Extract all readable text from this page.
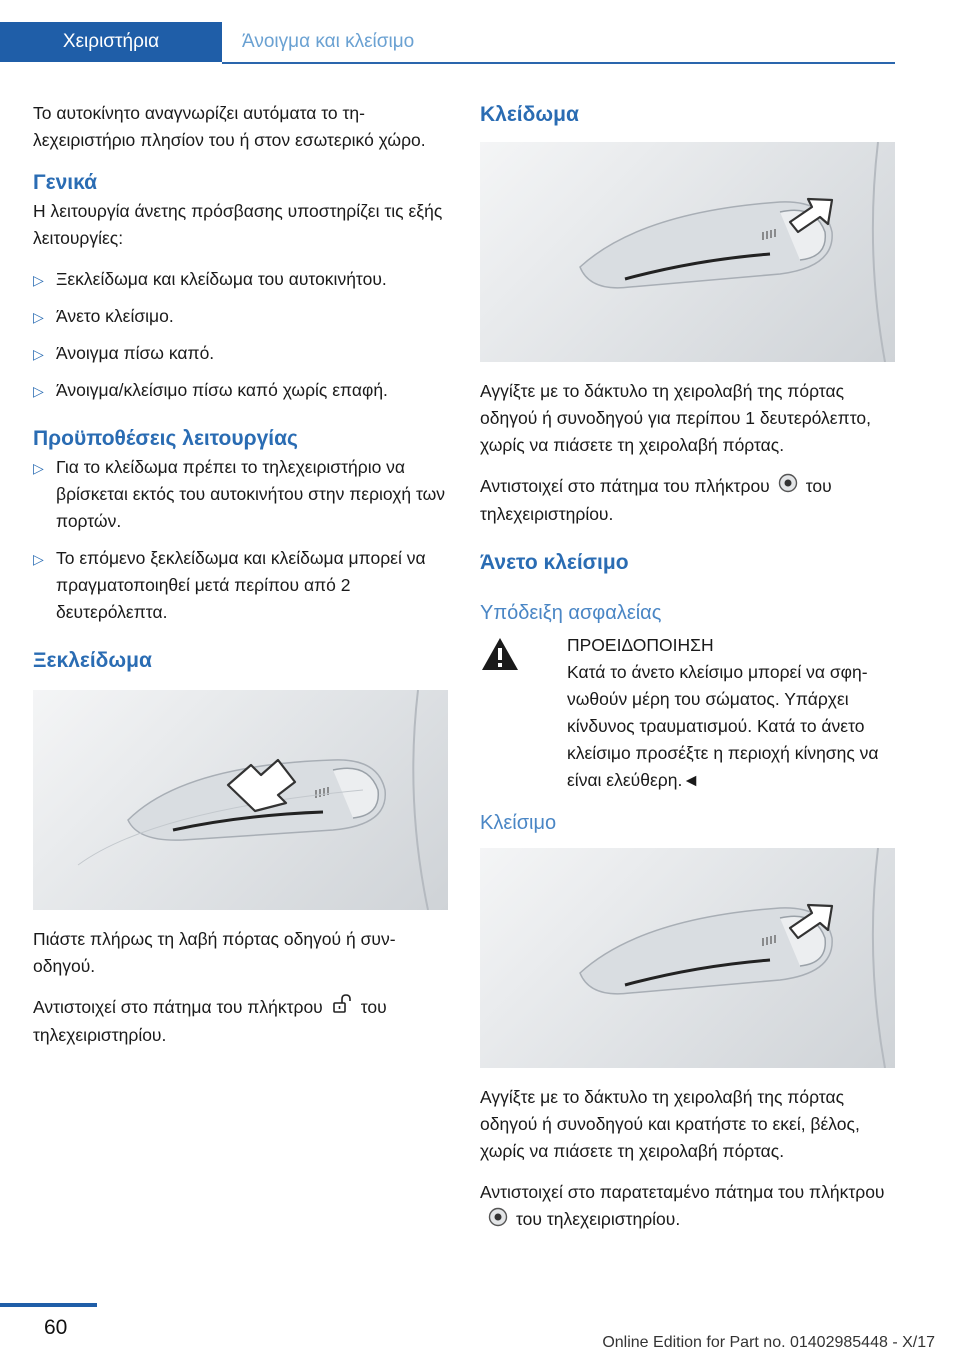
Χειριστήρια	Άνοιγμα και κλείσιμο

Το αυτοκίνητο αναγνωρίζει αυτόματα το τηλεχειριστήριο πλησίον του ή στον εσωτερικό χώρο.

Γενικά

Η λειτουργία άνετης πρόσβασης υποστηρίζει τις εξής λειτουργίες:

▷ Ξεκλείδωμα και κλείδωμα του αυτοκινήτου.
▷ Άνετο κλείσιμο.
▷ Άνοιγμα πίσω καπό.
▷ Άνοιγμα/κλείσιμο πίσω καπό χωρίς επαφή.
Προϋποθέσεις λειτουργίας
▷ Για το κλείδωμα πρέπει το τηλεχειριστήριο να βρίσκεται εκτός του αυτοκινήτου στην περιοχή των πορτών.
▷ Το επόμενο ξεκλείδωμα και κλείδωμα μπορεί να πραγματοποιηθεί μετά περίπου από 2 δευτερόλεπτα.
Ξεκλείδωμα

Πιάστε πλήρως τη λαβή πόρτας οδηγού ή συνοδηγού.

Αντιστοιχεί στο πάτημα του πλήκτρου του τηλεχειριστηρίου.

Κλείδωμα

Αγγίξτε με το δάκτυλο τη χειρολαβή της πόρτας οδηγού ή συνοδηγού για περίπου 1 δευτερόλεπτο, χωρίς να πιάσετε τη χειρολαβή πόρτας.

Αντιστοιχεί στο πάτημα του πλήκτρου του τηλεχειριστηρίου.

Άνετο κλείσιμο
Υπόδειξη ασφαλείας

ΠΡΟΕΙΔΟΠΟΙΗΣΗ

Κατά το άνετο κλείσιμο μπορεί να σφηνωθούν μέρη του σώματος. Υπάρχει κίνδυνος τραυματισμού. Κατά το άνετο κλείσιμο προσέξτε η περιοχή κίνησης να είναι ελεύθερη.◄

Κλείσιμο

Αγγίξτε με το δάκτυλο τη χειρολαβή της πόρτας οδηγού ή συνοδηγού και κρατήστε το εκεί, βέλος, χωρίς να πιάσετε τη χειρολαβή πόρτας.

Αντιστοιχεί στο παρατεταμένο πάτημα του πλήκτρουτου τηλεχειριστηρίου.

60
Online Edition for Part no. 01402985448 - X/17
